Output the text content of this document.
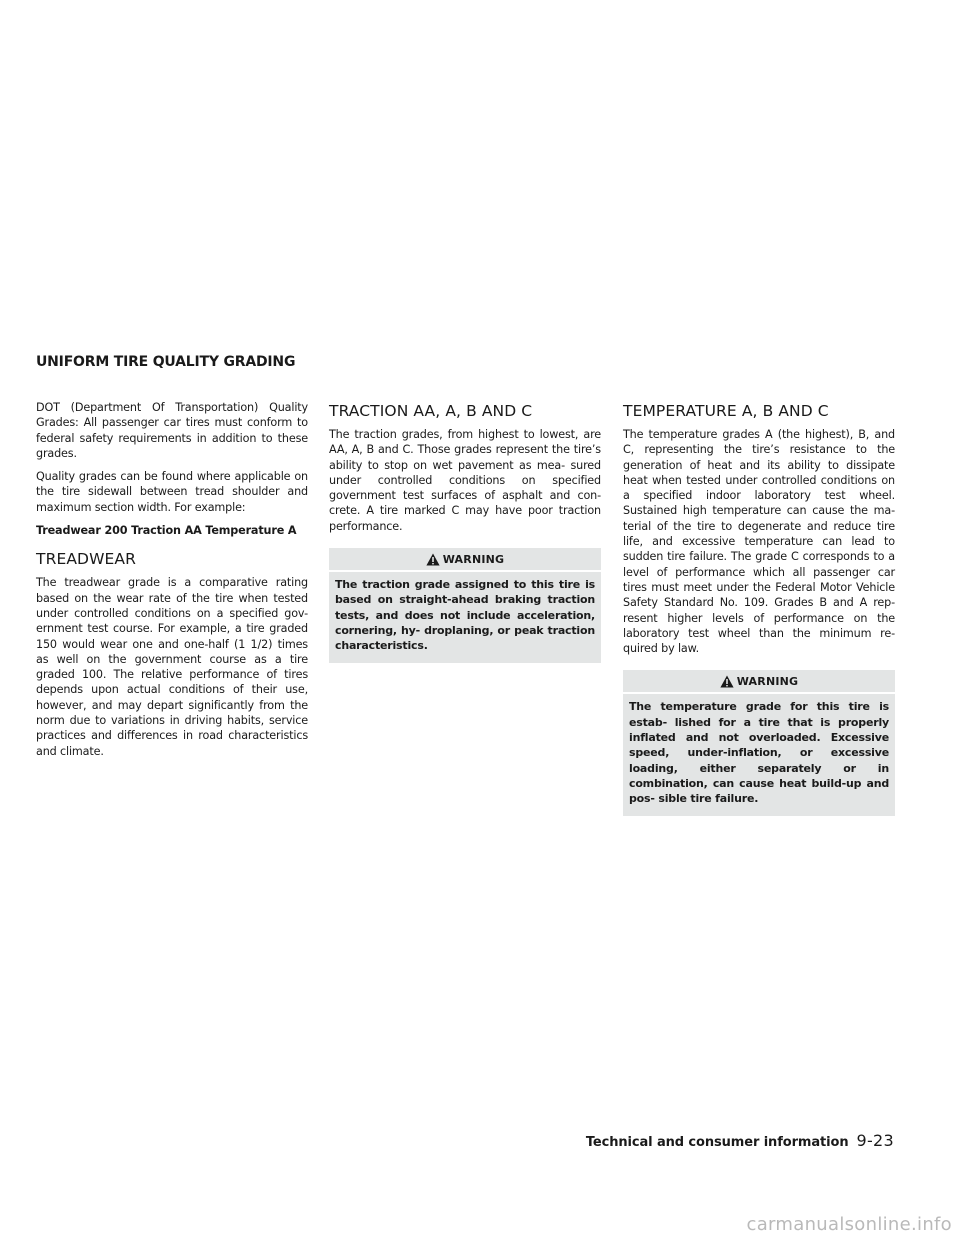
UNIFORM TIRE QUALITY GRADING

DOT (Department Of Transportation) Quality Grades: All passenger car tires must conform to federal safety requirements in addition to these grades.

Quality grades can be found where applicable on the tire sidewall between tread shoulder and maximum section width. For example:

Treadwear 200 Traction AA Temperature A

TREADWEAR

The treadwear grade is a comparative rating based on the wear rate of the tire when tested under controlled conditions on a specified gov- ernment test course. For example, a tire graded 150 would wear one and one-half (1 1/2) times as well on the government course as a tire graded 100. The relative performance of tires depends upon actual conditions of their use, however, and may depart significantly from the norm due to variations in driving habits, service practices and differences in road characteristics and climate.

TRACTION AA, A, B AND C

The traction grades, from highest to lowest, are AA, A, B and C. Those grades represent the tire’s ability to stop on wet pavement as mea- sured under controlled conditions on specified government test surfaces of asphalt and con- crete. A tire marked C may have poor traction performance.

WARNING

The traction grade assigned to this tire is based on straight-ahead braking traction tests, and does not include acceleration, cornering, hy- droplaning, or peak traction characteristics.

TEMPERATURE A, B AND C

The temperature grades A (the highest), B, and C, representing the tire’s resistance to the generation of heat and its ability to dissipate heat when tested under controlled conditions on a specified indoor laboratory test wheel. Sustained high temperature can cause the ma- terial of the tire to degenerate and reduce tire life, and excessive temperature can lead to sudden tire failure. The grade C corresponds to a level of performance which all passenger car tires must meet under the Federal Motor Vehicle Safety Standard No. 109. Grades B and A rep- resent higher levels of performance on the laboratory test wheel than the minimum re- quired by law.

WARNING

The temperature grade for this tire is estab- lished for a tire that is properly inflated and not overloaded. Excessive speed, under-inflation, or excessive loading, either separately or in combination, can cause heat build-up and pos- sible tire failure.

Technical and consumer information 9-23
carmanualsonline.info
